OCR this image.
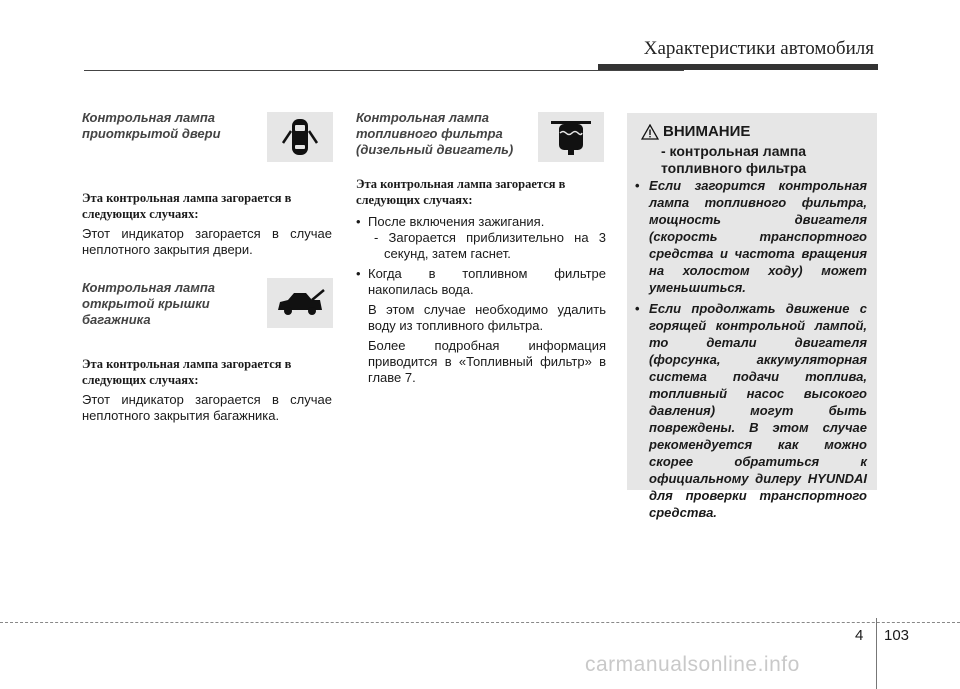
Характеристики автомобиля

Контрольная лампа
приоткрытой двери

Эта контрольная лампа загорается в
следующих случаях:

Этот индикатор загорается в случае неплотного закрытия двери.

Контрольная лампа
открытой крышки
багажника

Эта контрольная лампа загорается в
следующих случаях:

Этот индикатор загорается в случае неплотного закрытия багажника.

Контрольная лампа
топливного фильтра
(дизельный двигатель)

Эта контрольная лампа загорается в
следующих случаях:

• После включения зажигания.

- Загорается приблизительно на 3 секунд, затем гаснет.

• Когда в топливном фильтре накопилась вода.

В этом случае необходимо удалить воду из топливного фильтра.

Более подробная информация приводится в «Топливный фильтр» в главе 7.

ВНИМАНИЕ
- контрольная лампа
топливного фильтра
• Если загорится контрольная лампа топливного фильтра, мощность двигателя (скорость транспортного средства и частота вращения на холостом ходу) может уменьшиться.
• Если продолжать движение с горящей контрольной лампой, то детали двигателя (форсунка, аккумуляторная система подачи топлива, топливный насос высокого давления) могут быть повреждены. В этом случае рекомендуется как можно скорее обратиться к официальному дилеру HYUNDAI для проверки транспортного средства.
4 103
carmanualsonline.info
